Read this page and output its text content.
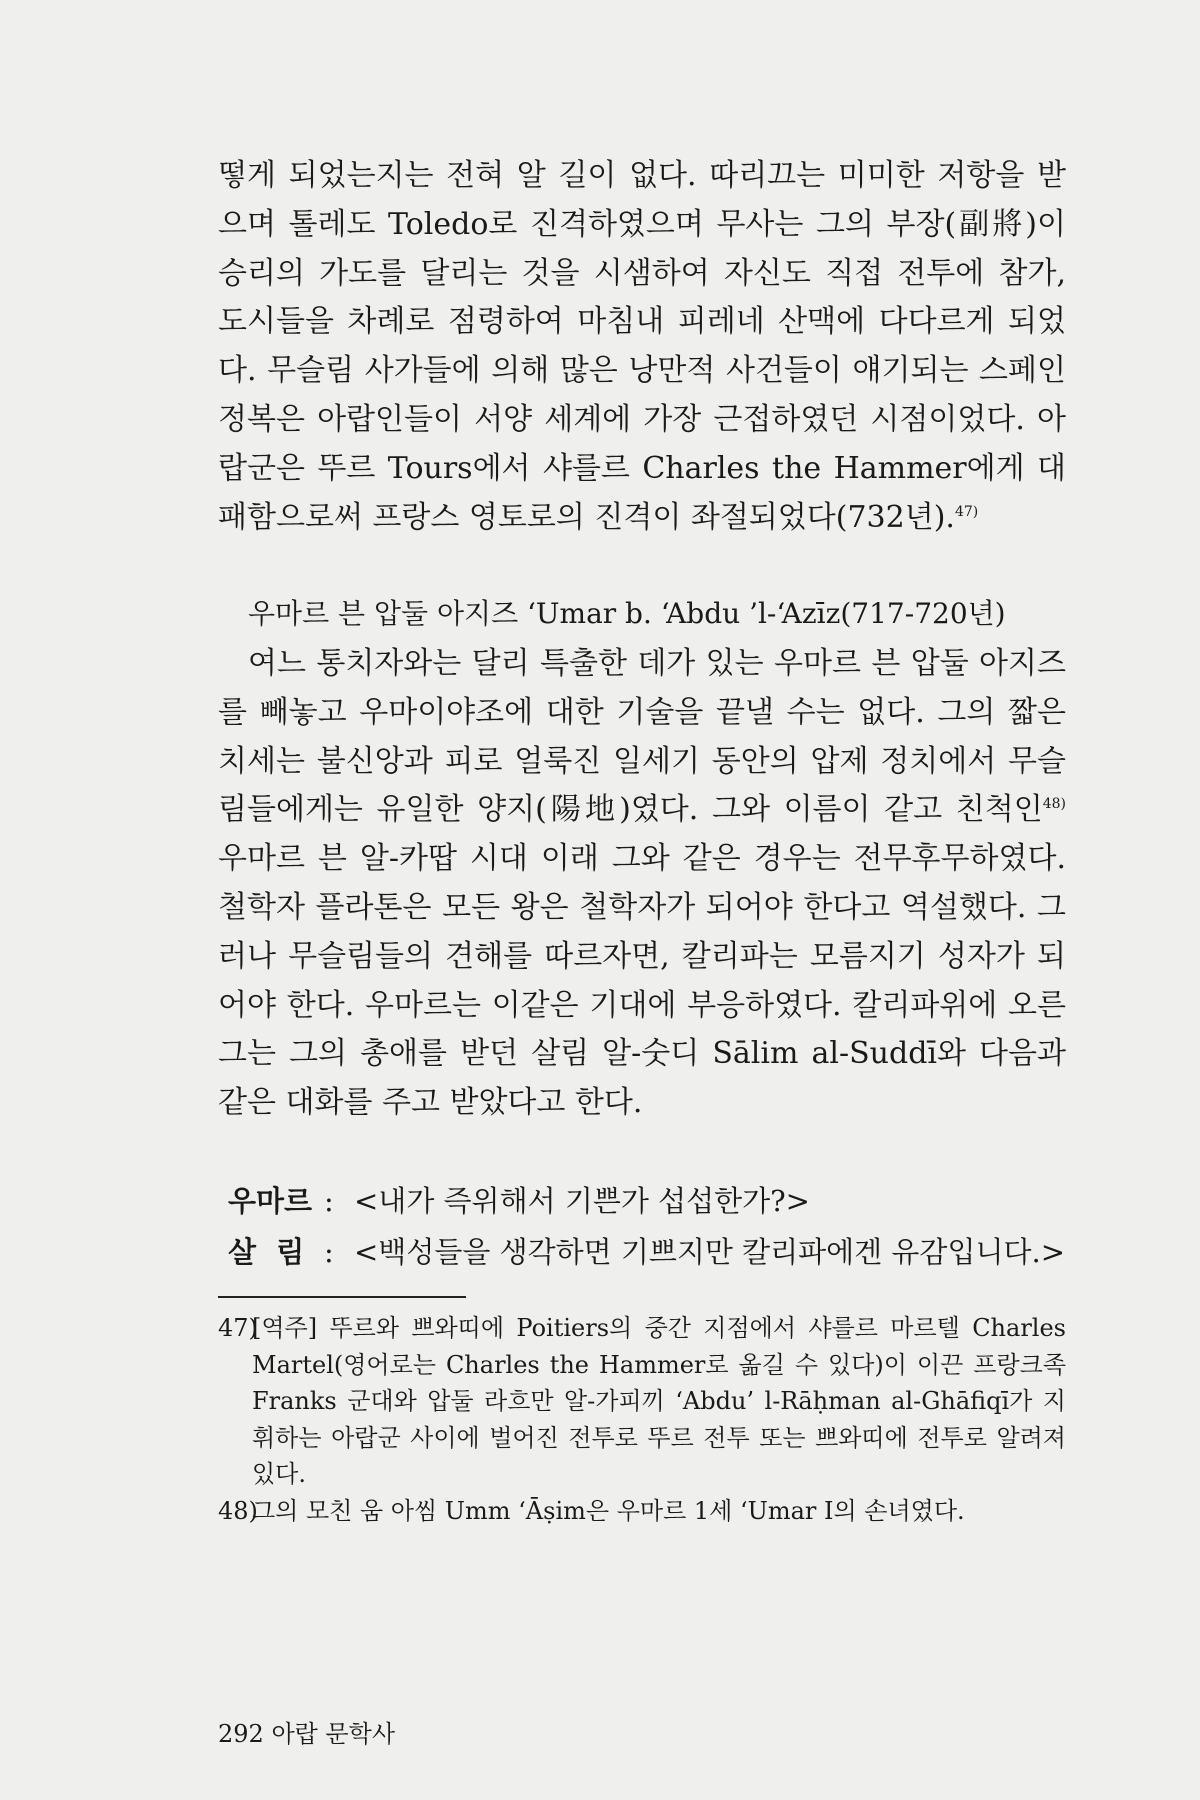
떻게 되었는지는 전혀 알 길이 없다. 따리끄는 미미한 저항을 받으며 톨레도 Toledo로 진격하였으며 무사는 그의 부장(副將)이 승리의 가도를 달리는 것을 시샘하여 자신도 직접 전투에 참가, 도시들을 차례로 점령하여 마침내 피레네 산맥에 다다르게 되었다. 무슬림 사가들에 의해 많은 낭만적 사건들이 얘기되는 스페인 정복은 아랍인들이 서양 세계에 가장 근접하였던 시점이었다. 아랍군은 뚜르 Tours에서 샤를르 Charles the Hammer에게 대패함으로써 프랑스 영토로의 진격이 좌절되었다(732년).$^{47)}$

우마르 븐 압둘 아지즈 ‘Umar b. ‘Abdu ’l-‘Azīz(717-720년)

여느 통치자와는 달리 특출한 데가 있는 우마르 븐 압둘 아지즈를 빼놓고 우마이야조에 대한 기술을 끝낼 수는 없다. 그의 짧은 치세는 불신앙과 피로 얼룩진 일세기 동안의 압제 정치에서 무슬림들에게는 유일한 양지(陽地)였다. 그와 이름이 같고 친척인$^{48)}$ 우마르 븐 알-카땁 시대 이래 그와 같은 경우는 전무후무하였다. 철학자 플라톤은 모든 왕은 철학자가 되어야 한다고 역설했다. 그러나 무슬림들의 견해를 따르자면, 칼리파는 모름지기 성자가 되어야 한다. 우마르는 이같은 기대에 부응하였다. 칼리파위에 오른 그는 그의 총애를 받던 살림 알-숫디 Sālim al-Suddī와 다음과 같은 대화를 주고 받았다고 한다.

우마르 : <내가 즉위해서 기쁜가 섭섭한가?>
살  림 : <백성들을 생각하면 기쁘지만 칼리파에겐 유감입니다.>
47)
[역주] 뚜르와 쁘와띠에 Poitiers의 중간 지점에서 샤를르 마르텔 Charles Martel(영어로는 Charles the Hammer로 옮길 수 있다)이 이끈 프랑크족 Franks 군대와 압둘 라흐만 알-가피끼 ‘Abdu’ l-Rāḥman al-Ghāfiqī가 지휘하는 아랍군 사이에 벌어진 전투로 뚜르 전투 또는 쁘와띠에 전투로 알려져 있다.
48)
그의 모친 움 아씸 Umm ‘Āṣim은 우마르 1세 ‘Umar I의 손녀였다.
292 아랍 문학사
